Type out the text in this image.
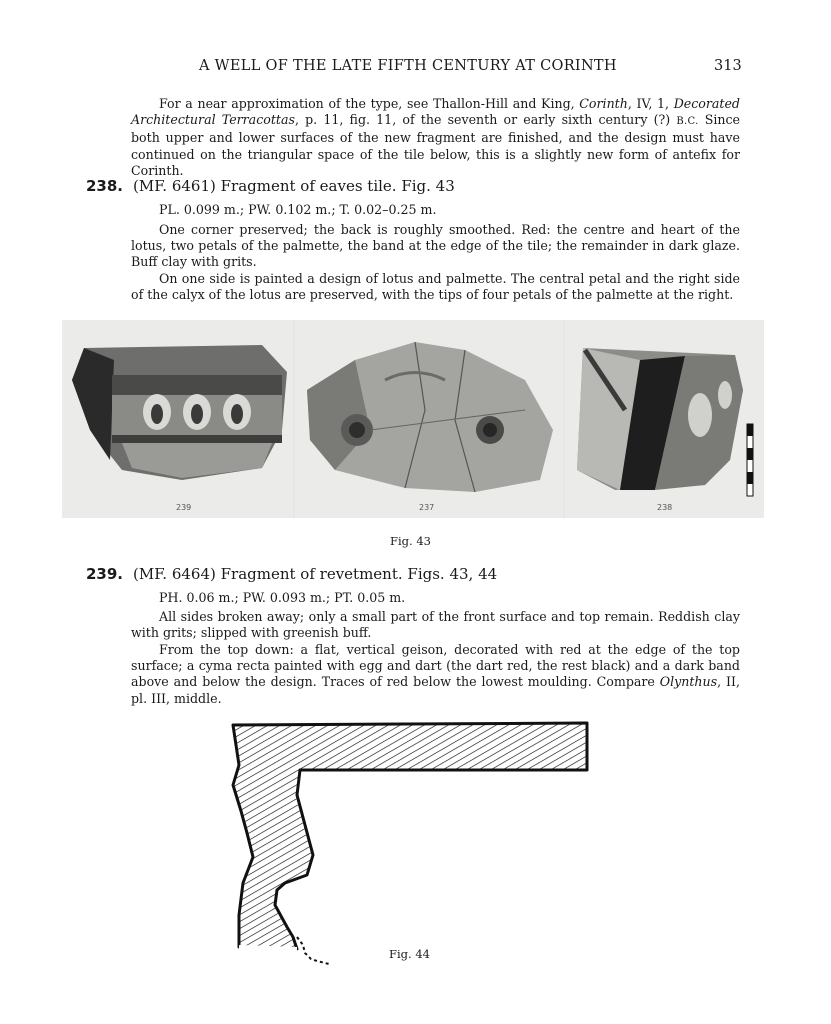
A WELL OF THE LATE FIFTH CENTURY AT CORINTH	313

For a near approximation of the type, see Thallon-Hill and King, Corinth, IV, 1, Decorated Architectural Terracottas, p. 11, fig. 11, of the seventh or early sixth century (?) B.C. Since both upper and lower surfaces of the new fragment are finished, and the design must have continued on the triangular space of the tile below, this is a slightly new form of antefix for Corinth.

238. (MF. 6461) Fragment of eaves tile. Fig. 43
PL. 0.099 m.; PW. 0.102 m.; T. 0.02–0.25 m.

One corner preserved; the back is roughly smoothed. Red: the centre and heart of the lotus, two petals of the palmette, the band at the edge of the tile; the remainder in dark glaze. Buff clay with grits.

On one side is painted a design of lotus and palmette. The central petal and the right side of the calyx of the lotus are preserved, with the tips of four petals of the palmette at the right.

239	237	238
Fig. 43
239. (MF. 6464) Fragment of revetment. Figs. 43, 44
PH. 0.06 m.; PW. 0.093 m.; PT. 0.05 m.

All sides broken away; only a small part of the front surface and top remain. Reddish clay with grits; slipped with greenish buff.

From the top down: a flat, vertical geison, decorated with red at the edge of the top surface; a cyma recta painted with egg and dart (the dart red, the rest black) and a dark band above and below the design. Traces of red below the lowest moulding. Compare Olynthus, II, pl. III, middle.

Fig. 44
